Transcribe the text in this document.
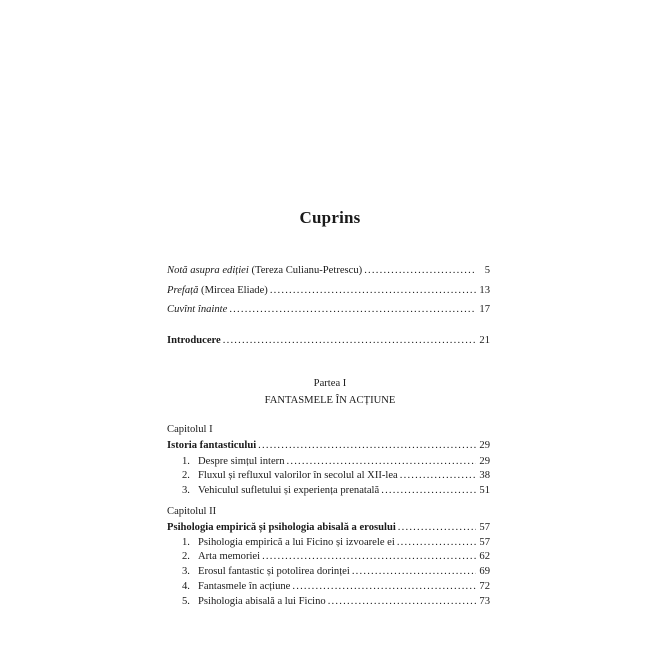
Cuprins
Notă asupra ediției (Tereza Culianu-Petrescu) .....	5
Prefață (Mircea Eliade) .....	13
Cuvînt înainte .....	17
Introducere .....	21
Partea I
FANTASMELE ÎN ACȚIUNE
Capitolul I
Istoria fantasticului .....	29
1. Despre simțul intern .....	29
2. Fluxul și refluxul valorilor în secolul al XII-lea .....	38
3. Vehiculul sufletului și experiența prenatală .....	51
Capitolul II
Psihologia empirică și psihologia abisală a erosului .....	57
1. Psihologia empirică a lui Ficino și izvoarele ei .....	57
2. Arta memoriei .....	62
3. Erosul fantastic și potolirea dorinței .....	69
4. Fantasmele în acțiune .....	72
5. Psihologia abisală a lui Ficino .....	73
